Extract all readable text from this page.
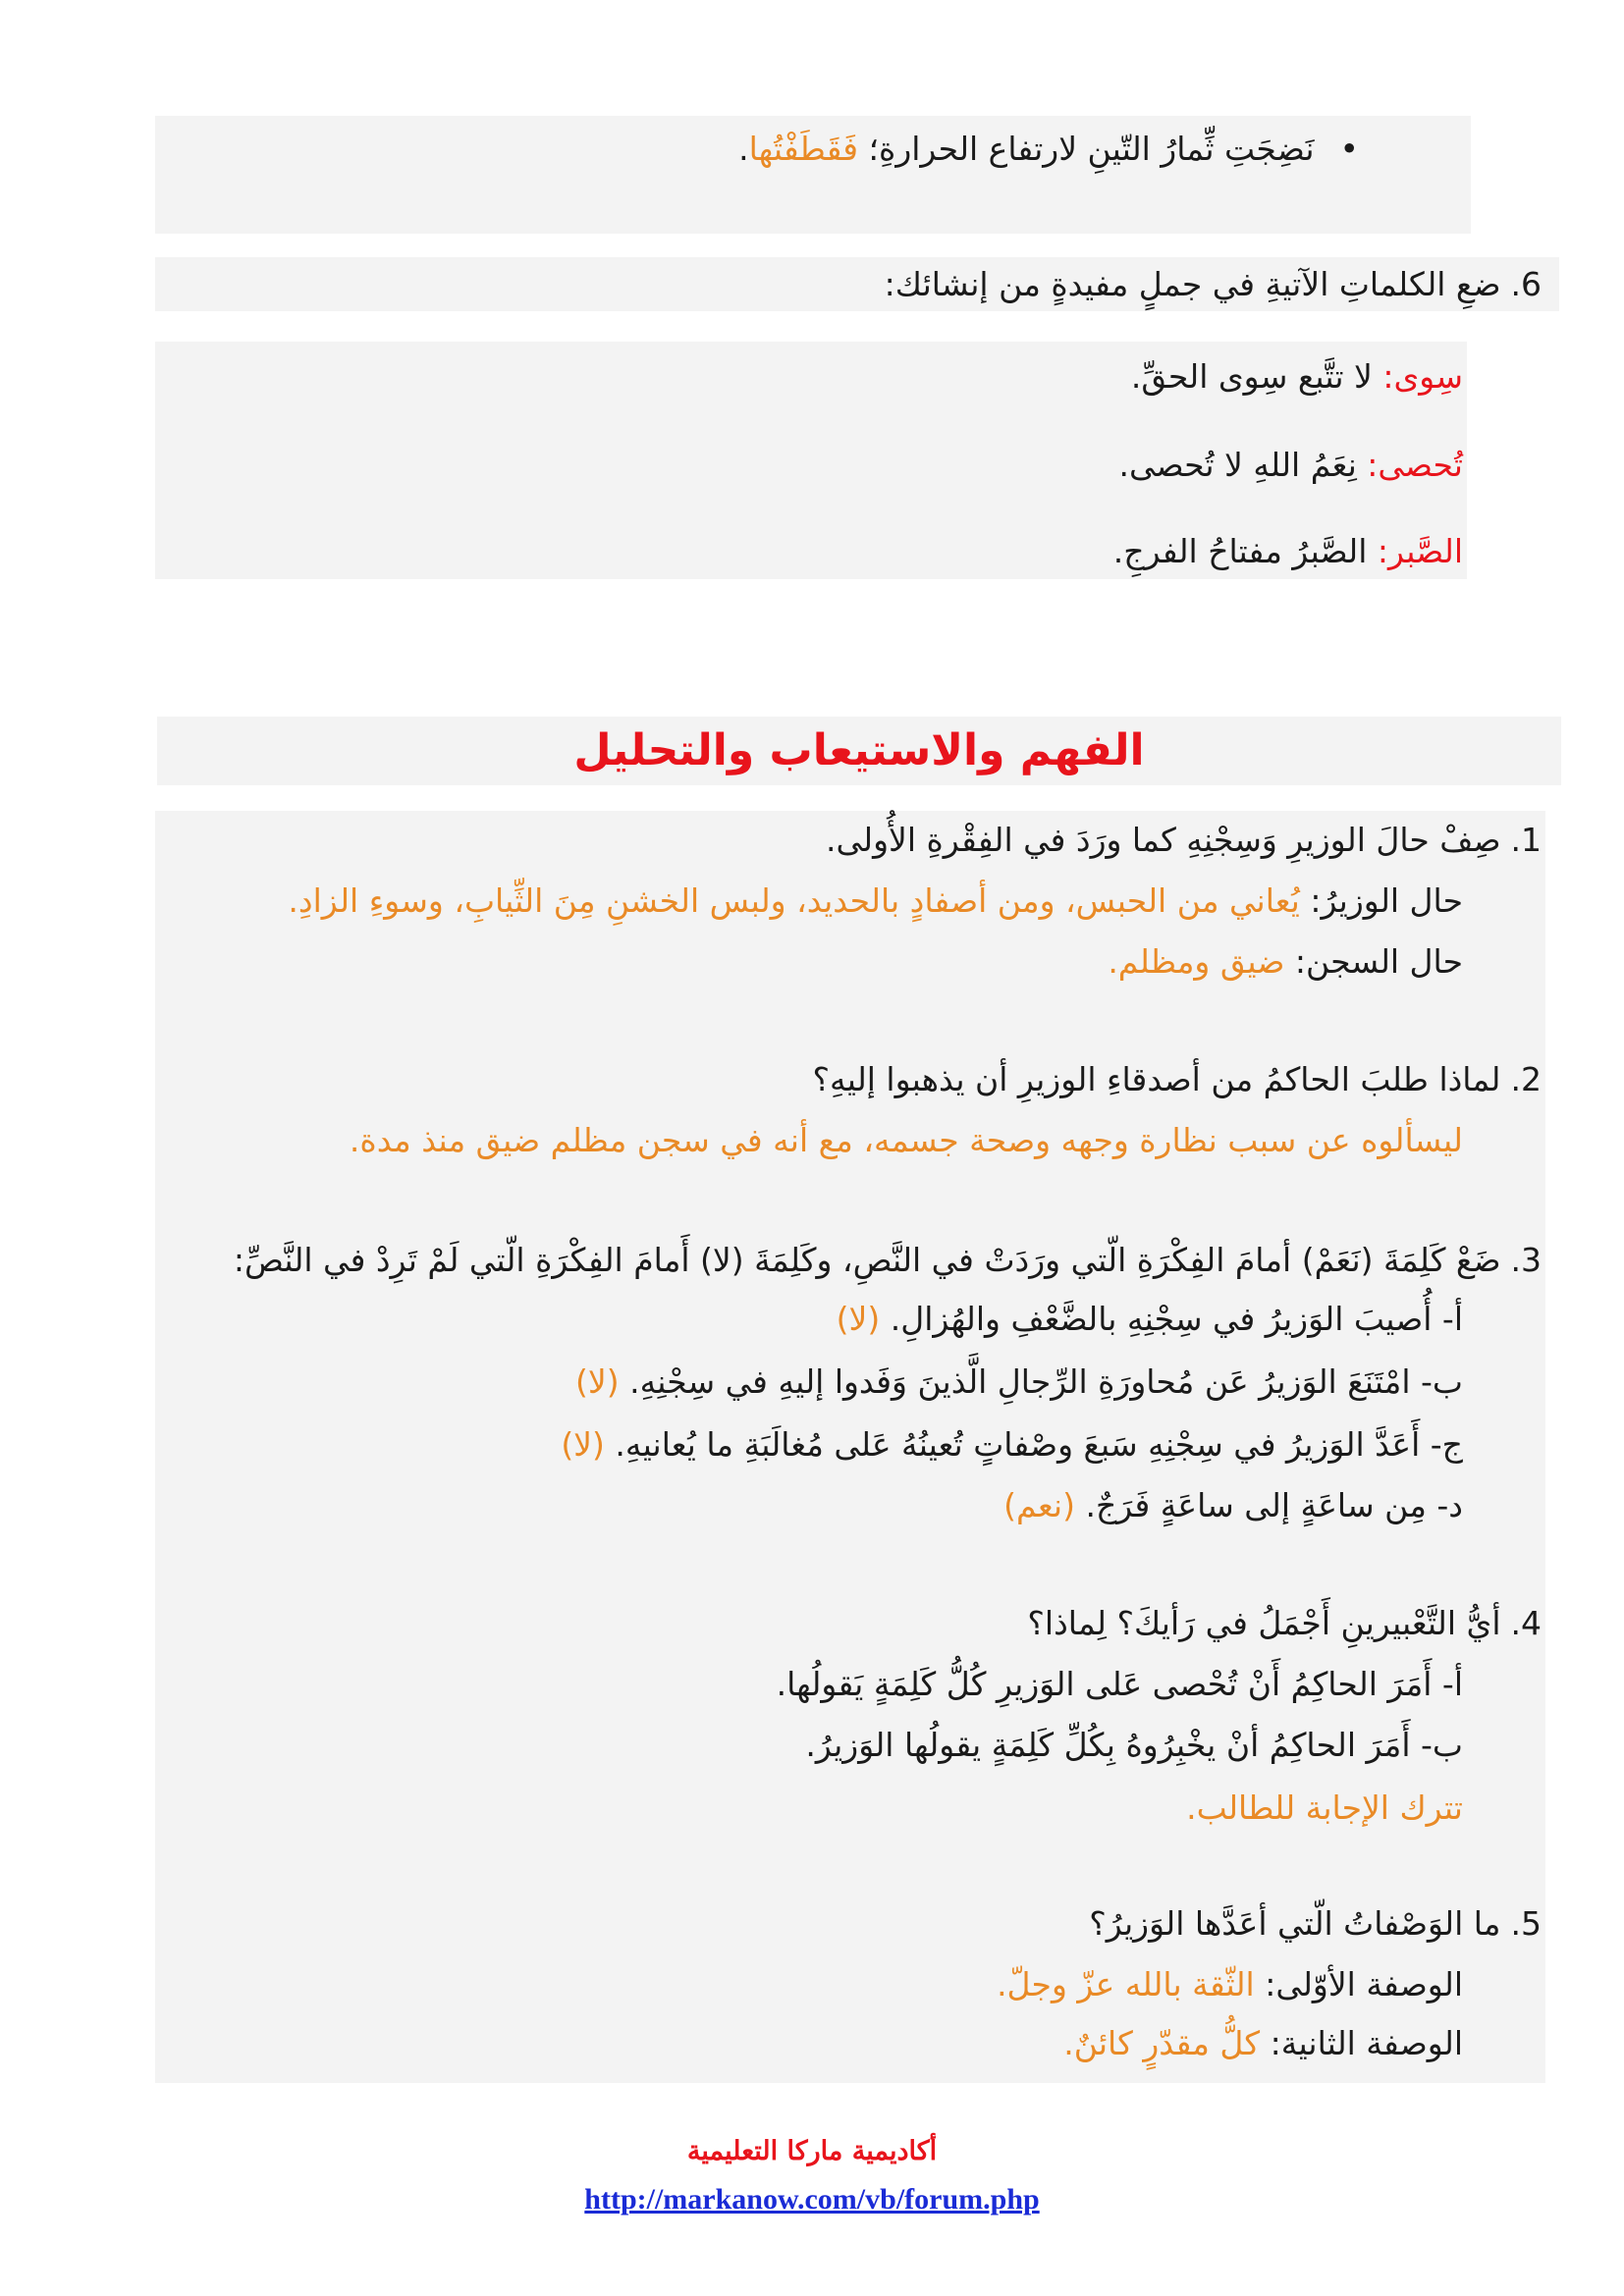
•نَضِجَتِ ثِّمارُ التّينِ لارتفاع الحرارةِ؛ فَقَطَفْتُها.
6.ضعِ الكلماتِ الآتيةِ في جملٍ مفيدةٍ من إنشائك:
سِوى: لا تتَّبع سِوى الحقِّ.
تُحصى: نِعَمُ اللهِ لا تُحصى.
الصَّبر: الصَّبرُ مفتاحُ الفرجِ.
الفهم والاستيعاب والتحليل
1.صِفْ حالَ الوزيرِ وَسِجْنِهِ كما ورَدَ في الفِقْرةِ الأُولى.
حال الوزيرُ: يُعاني من الحبس، ومن أصفادٍ بالحديد، ولبس الخشنِ مِنَ الثِّيابِ، وسوءِ الزادِ.
حال السجن: ضيق ومظلم.
2.لماذا طلبَ الحاكمُ من أصدقاءِ الوزيرِ أن يذهبوا إليهِ؟
ليسألوه عن سبب نظارة وجهه وصحة جسمه، مع أنه في سجن مظلم ضيق منذ مدة.
3.ضَعْ كَلِمَةَ (نَعَمْ) أمامَ الفِكْرَةِ الّتي ورَدَتْ في النَّصِ، وكَلِمَةَ (لا) أَمامَ الفِكْرَةِ الّتي لَمْ تَرِدْ في النَّصِّ:
أ- أُصيبَ الوَزيرُ في سِجْنِهِ بالضَّعْفِ والهُزالِ. (لا)
ب- امْتَنَعَ الوَزيرُ عَن مُحاورَةِ الرِّجالِ الَّذينَ وَفَدوا إليهِ في سِجْنِهِ. (لا)
ج- أَعَدَّ الوَزيرُ في سِجْنِهِ سَبعَ وصْفاتٍ تُعينُهُ عَلى مُغالَبَةِ ما يُعانيهِ. (لا)
د- مِن ساعَةٍ إلى ساعَةٍ فَرَجٌ. (نعم)
4.أيُّ التَّعْبيرينِ أَجْمَلُ في رَأيكَ؟ لِماذا؟
أ- أَمَرَ الحاكِمُ أَنْ تُحْصى عَلى الوَزيرِ كُلُّ كَلِمَةٍ يَقولُها.
ب- أَمَرَ الحاكِمُ أنْ يخْبِرُوهُ بِكُلِّ كَلِمَةٍ يقولُها الوَزيرُ.
تترك الإجابة للطالب.
5.ما الوَصْفاتُ الّتي أعَدَّها الوَزيرُ؟
الوصفة الأوّلى: الثّقة بالله عزّ وجلّ.
الوصفة الثانية: كلُّ مقدّرٍ كائنٌ.
أكاديمية ماركا التعليمية
http://markanow.com/vb/forum.php
